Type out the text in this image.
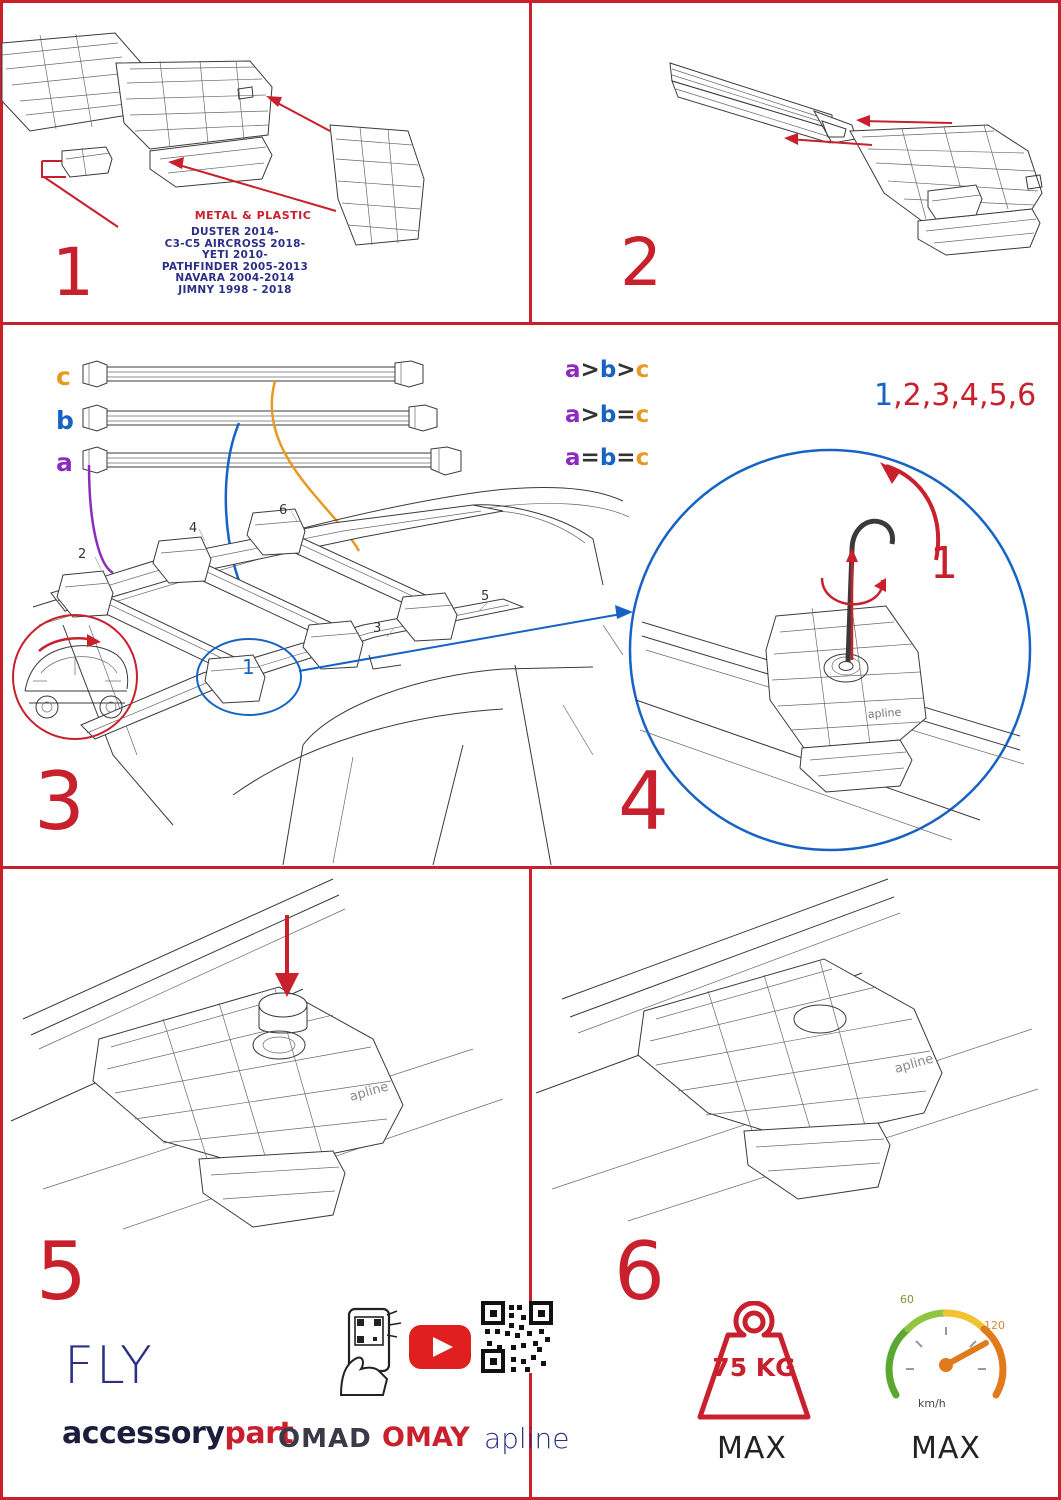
METAL & PLASTIC
DUSTER 2014-
C3-C5 AIRCROSS 2018-
YETI 2010-
PATHFINDER 2005-2013
NAVARA 2004-2014
JIMNY 1998 - 2018
1	2
c
b
a
a>b>c
a>b=c
a=b=c
2
4
6
3
5
1
3
apline
1,2,3,4,5,6
1
4
apline
FLY
accessorypart
OMAD OMAY apline
5
apline
75 KG
MAX
60
120
km/h
MAX
6
